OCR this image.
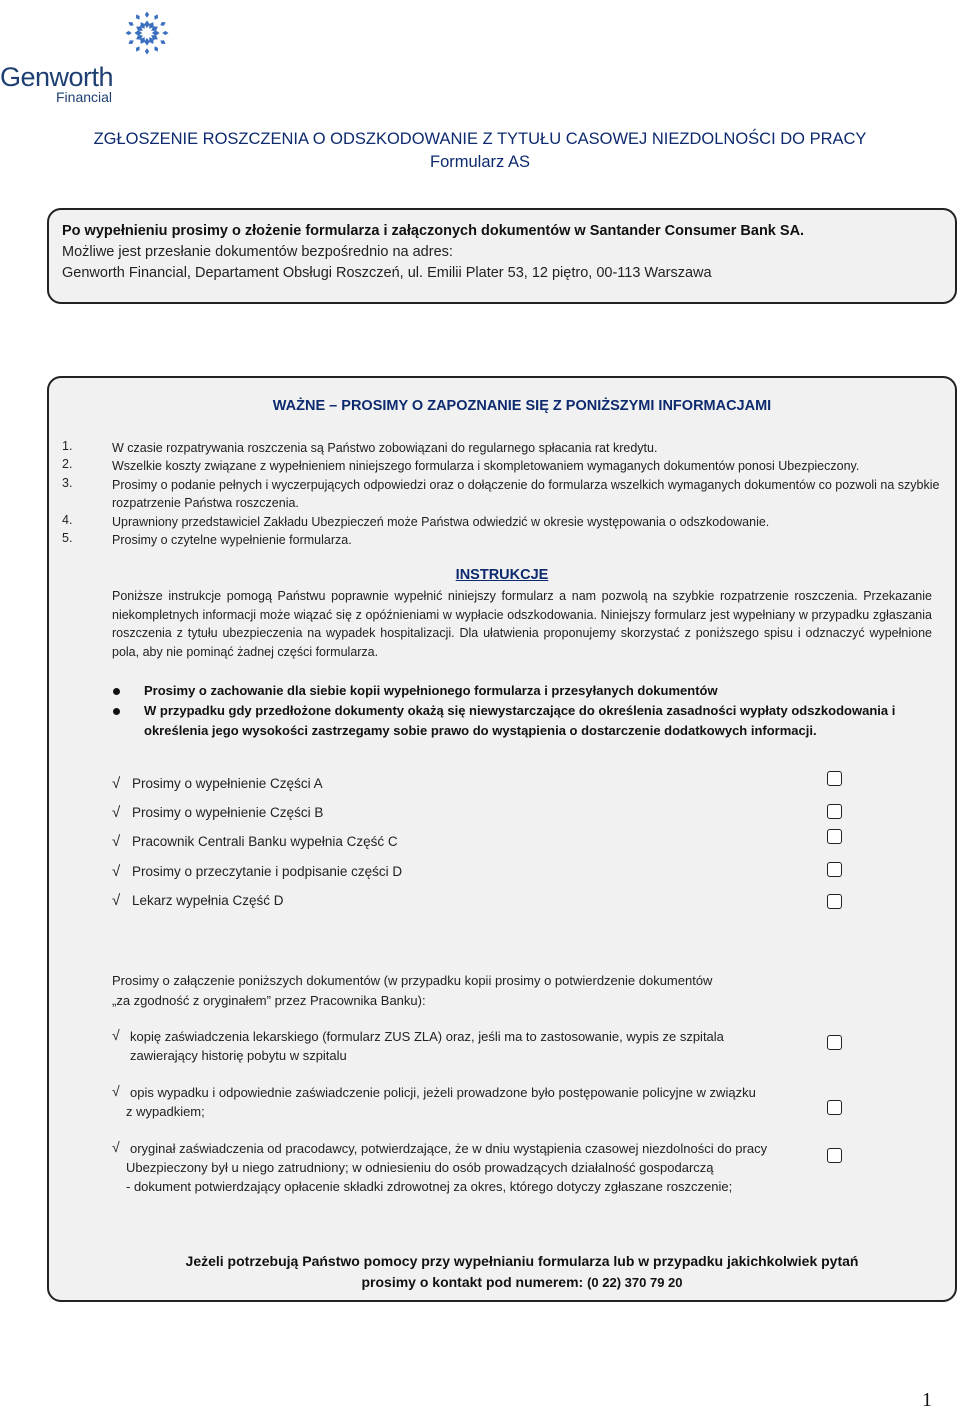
Genworth
Financial
ZGŁOSZENIE ROSZCZENIA O ODSZKODOWANIE Z TYTUŁU CASOWEJ NIEZDOLNOŚCI DO PRACY
Formularz AS
Po wypełnieniu prosimy o złożenie formularza i załączonych dokumentów w Santander Consumer Bank SA.
Możliwe jest przesłanie dokumentów bezpośrednio na adres:
Genworth Financial, Departament Obsługi Roszczeń, ul. Emilii Plater 53, 12 piętro, 00-113 Warszawa
WAŻNE – PROSIMY O ZAPOZNANIE SIĘ Z PONIŻSZYMI INFORMACJAMI
1.	W czasie rozpatrywania roszczenia są Państwo zobowiązani do regularnego spłacania rat kredytu.
2.	Wszelkie koszty związane z wypełnieniem niniejszego formularza i skompletowaniem wymaganych dokumentów ponosi Ubezpieczony.
3.	Prosimy o podanie pełnych i wyczerpujących odpowiedzi oraz o dołączenie do formularza wszelkich wymaganych dokumentów co pozwoli na szybkie rozpatrzenie Państwa roszczenia.
4.	Uprawniony przedstawiciel Zakładu Ubezpieczeń może Państwa odwiedzić w okresie występowania o odszkodowanie.
5.	Prosimy o czytelne wypełnienie formularza.
INSTRUKCJE
Poniższe instrukcje pomogą Państwu poprawnie wypełnić niniejszy formularz a nam pozwolą na szybkie rozpatrzenie roszczenia. Przekazanie niekompletnych informacji może wiązać się z opóźnieniami w wypłacie odszkodowania. Niniejszy formularz jest wypełniany w przypadku zgłaszania roszczenia z tytułu ubezpieczenia na wypadek hospitalizacji. Dla ułatwienia proponujemy skorzystać z poniższego spisu i odznaczyć wypełnione pola, aby nie pominąć żadnej części formularza.
Prosimy o zachowanie dla siebie kopii wypełnionego formularza i przesyłanych dokumentów
W przypadku gdy przedłożone dokumenty okażą się niewystarczające do określenia zasadności wypłaty odszkodowania i określenia jego wysokości zastrzegamy sobie prawo do wystąpienia o dostarczenie dodatkowych informacji.
√ Prosimy o wypełnienie Części A
√ Prosimy o wypełnienie Części B
√ Pracownik Centrali Banku wypełnia Część C
√ Prosimy o przeczytanie i podpisanie części D
√ Lekarz wypełnia Część D
Prosimy o załączenie poniższych dokumentów (w przypadku kopii prosimy o potwierdzenie dokumentów
„za zgodność z oryginałem” przez Pracownika Banku):
√ kopię zaświadczenia lekarskiego (formularz ZUS ZLA) oraz, jeśli ma to zastosowanie, wypis ze szpitala
zawierający historię pobytu w szpitalu
√ opis wypadku i odpowiednie zaświadczenie policji, jeżeli prowadzone było postępowanie policyjne w związku
z wypadkiem;
√ oryginał zaświadczenia od pracodawcy, potwierdzające, że w dniu wystąpienia czasowej niezdolności do pracy
Ubezpieczony był u niego zatrudniony; w odniesieniu do osób prowadzących działalność gospodarczą
- dokument potwierdzający opłacenie składki zdrowotnej za okres, którego dotyczy zgłaszane roszczenie;
Jeżeli potrzebują Państwo pomocy przy wypełnianiu formularza lub w przypadku jakichkolwiek pytań
prosimy o kontakt pod numerem: (0 22) 370 79 20
1
